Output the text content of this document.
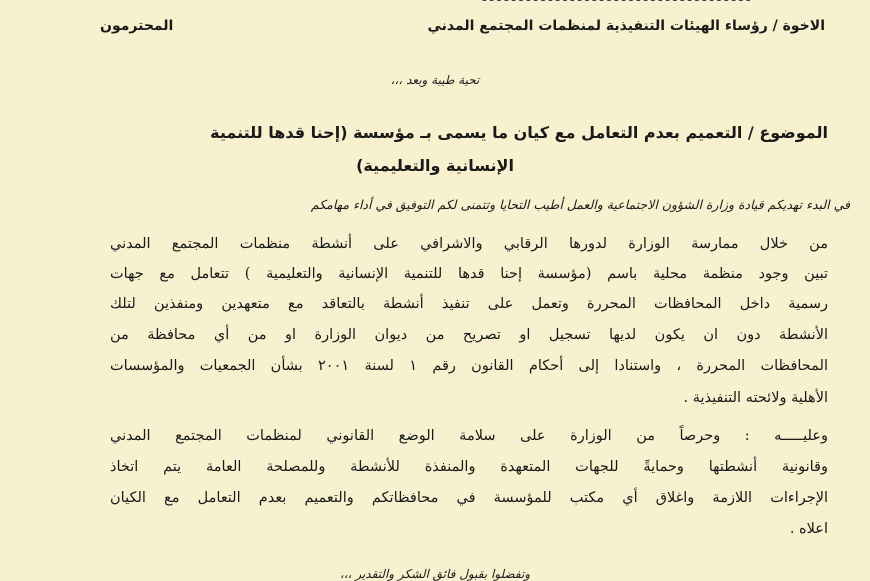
الاخوة / رؤساء الهيئات التنفيذية لمنظمات المجتمع المدني
المحترمون
تحية طيبة وبعد ،،،
الموضوع / التعميم بعدم التعامل مع كيان ما يسمى بـ مؤسسة (إحنا قدها للتنمية
الإنسانية والتعليمية)
في البدء تهديكم قيادة وزارة الشؤون الاجتماعية والعمل أطيب التحايا وتتمنى لكم التوفيق في أداء مهامكم
من خلال ممارسة الوزارة لدورها الرقابي والاشرافي على أنشطة منظمات المجتمع المدني
تبين وجود منظمة محلية باسم (مؤسسة إحنا قدها للتنمية الإنسانية والتعليمية ) تتعامل مع جهات
رسمية داخل المحافظات المحررة وتعمل على تنفيذ أنشطة بالتعاقد مع متعهدين ومنفذين لتلك
الأنشطة دون ان يكون لديها تسجيل او تصريح من ديوان الوزارة او من أي محافظة من
المحافظات المحررة ، واستنادا إلى أحكام القانون رقم ١ لسنة ٢٠٠١ بشأن الجمعيات والمؤسسات
الأهلية ولائحته التنفيذية .
وعليـــــه : وحرصاً من الوزارة على سلامة الوضع القانوني لمنظمات المجتمع المدني
وقانونية أنشطتها وحمايةً للجهات المتعهدة والمنفذة للأنشطة وللمصلحة العامة يتم اتخاذ
الإجراءات اللازمة واغلاق أي مكتب للمؤسسة في محافظاتكم والتعميم بعدم التعامل مع الكيان
اعلاه .
وتفضلوا بقبول فائق الشكر والتقدير ،،،
